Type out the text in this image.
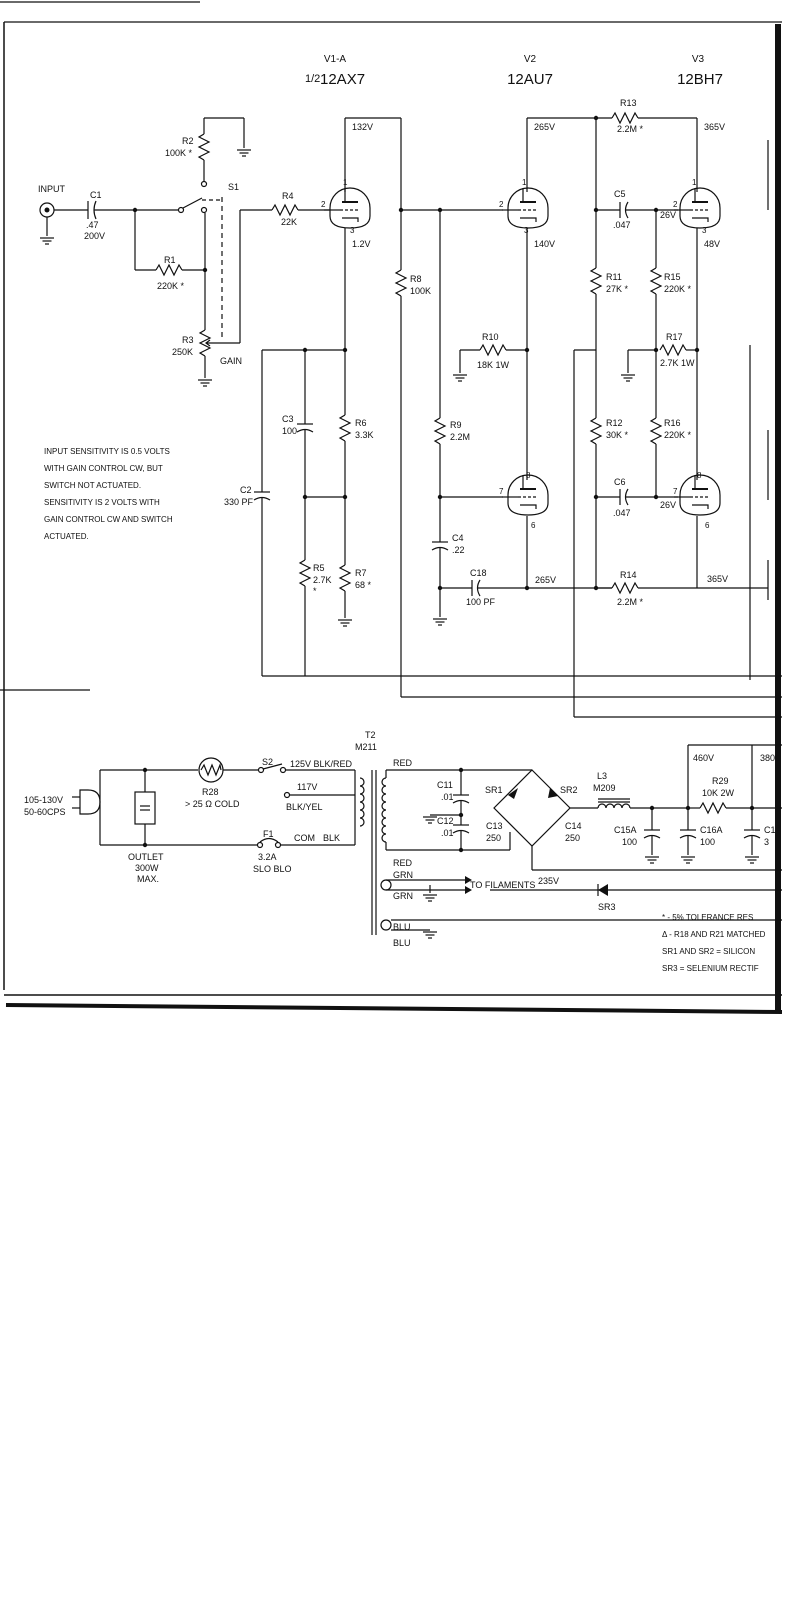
V1-A
1/2 12AX7
V2
12AU7
V3
12BH7
INPUT
C1
.47
200V
S1
R1
220K *
R2
100K *
R3
250K
GAIN
R4
22K
R5
2.7K
*
R6
3.3K
R7
68 *
R8
100K
R9
2.2M
R10
18K 1W
R11
27K *
R12
30K *
R13
2.2M *
R14
2.2M *
R15
220K *
R16
220K *
R17
2.7K 1W
C2
330 PF
C3
100
C4
.22
C5
.047
C6
.047
C18
100 PF
132V
1.2V
265V
140V
265V
365V
26V
48V
26V
365V
460V	380
235V
1
2
3
1
2
3
8
7
6
1
2
3
8
7
6
105-130V
50-60CPS
OUTLET
300W
MAX.
R28
> 25 Ω COLD
S2 125V BLK/RED
117V
BLK/YEL
COM BLK
F1
3.2A
SLO BLO
T2
M211
RED
RED
GRN
GRN
BLU
BLU
TO FILAMENTS
C11
.01
C12
.01
C13
250
C14
250
SR1	SR2
SR3
L3
M209
C15A
100
C16A
100
R29
10K 2W
C1
3
INPUT SENSITIVITY IS 0.5 VOLTS
WITH GAIN CONTROL CW, BUT
SWITCH NOT ACTUATED.
SENSITIVITY IS 2 VOLTS WITH
GAIN CONTROL CW AND SWITCH
ACTUATED.
* - 5% TOLERANCE RES
Δ - R18 AND R21 MATCHED
SR1 AND SR2 = SILICON
SR3 = SELENIUM RECTIF
